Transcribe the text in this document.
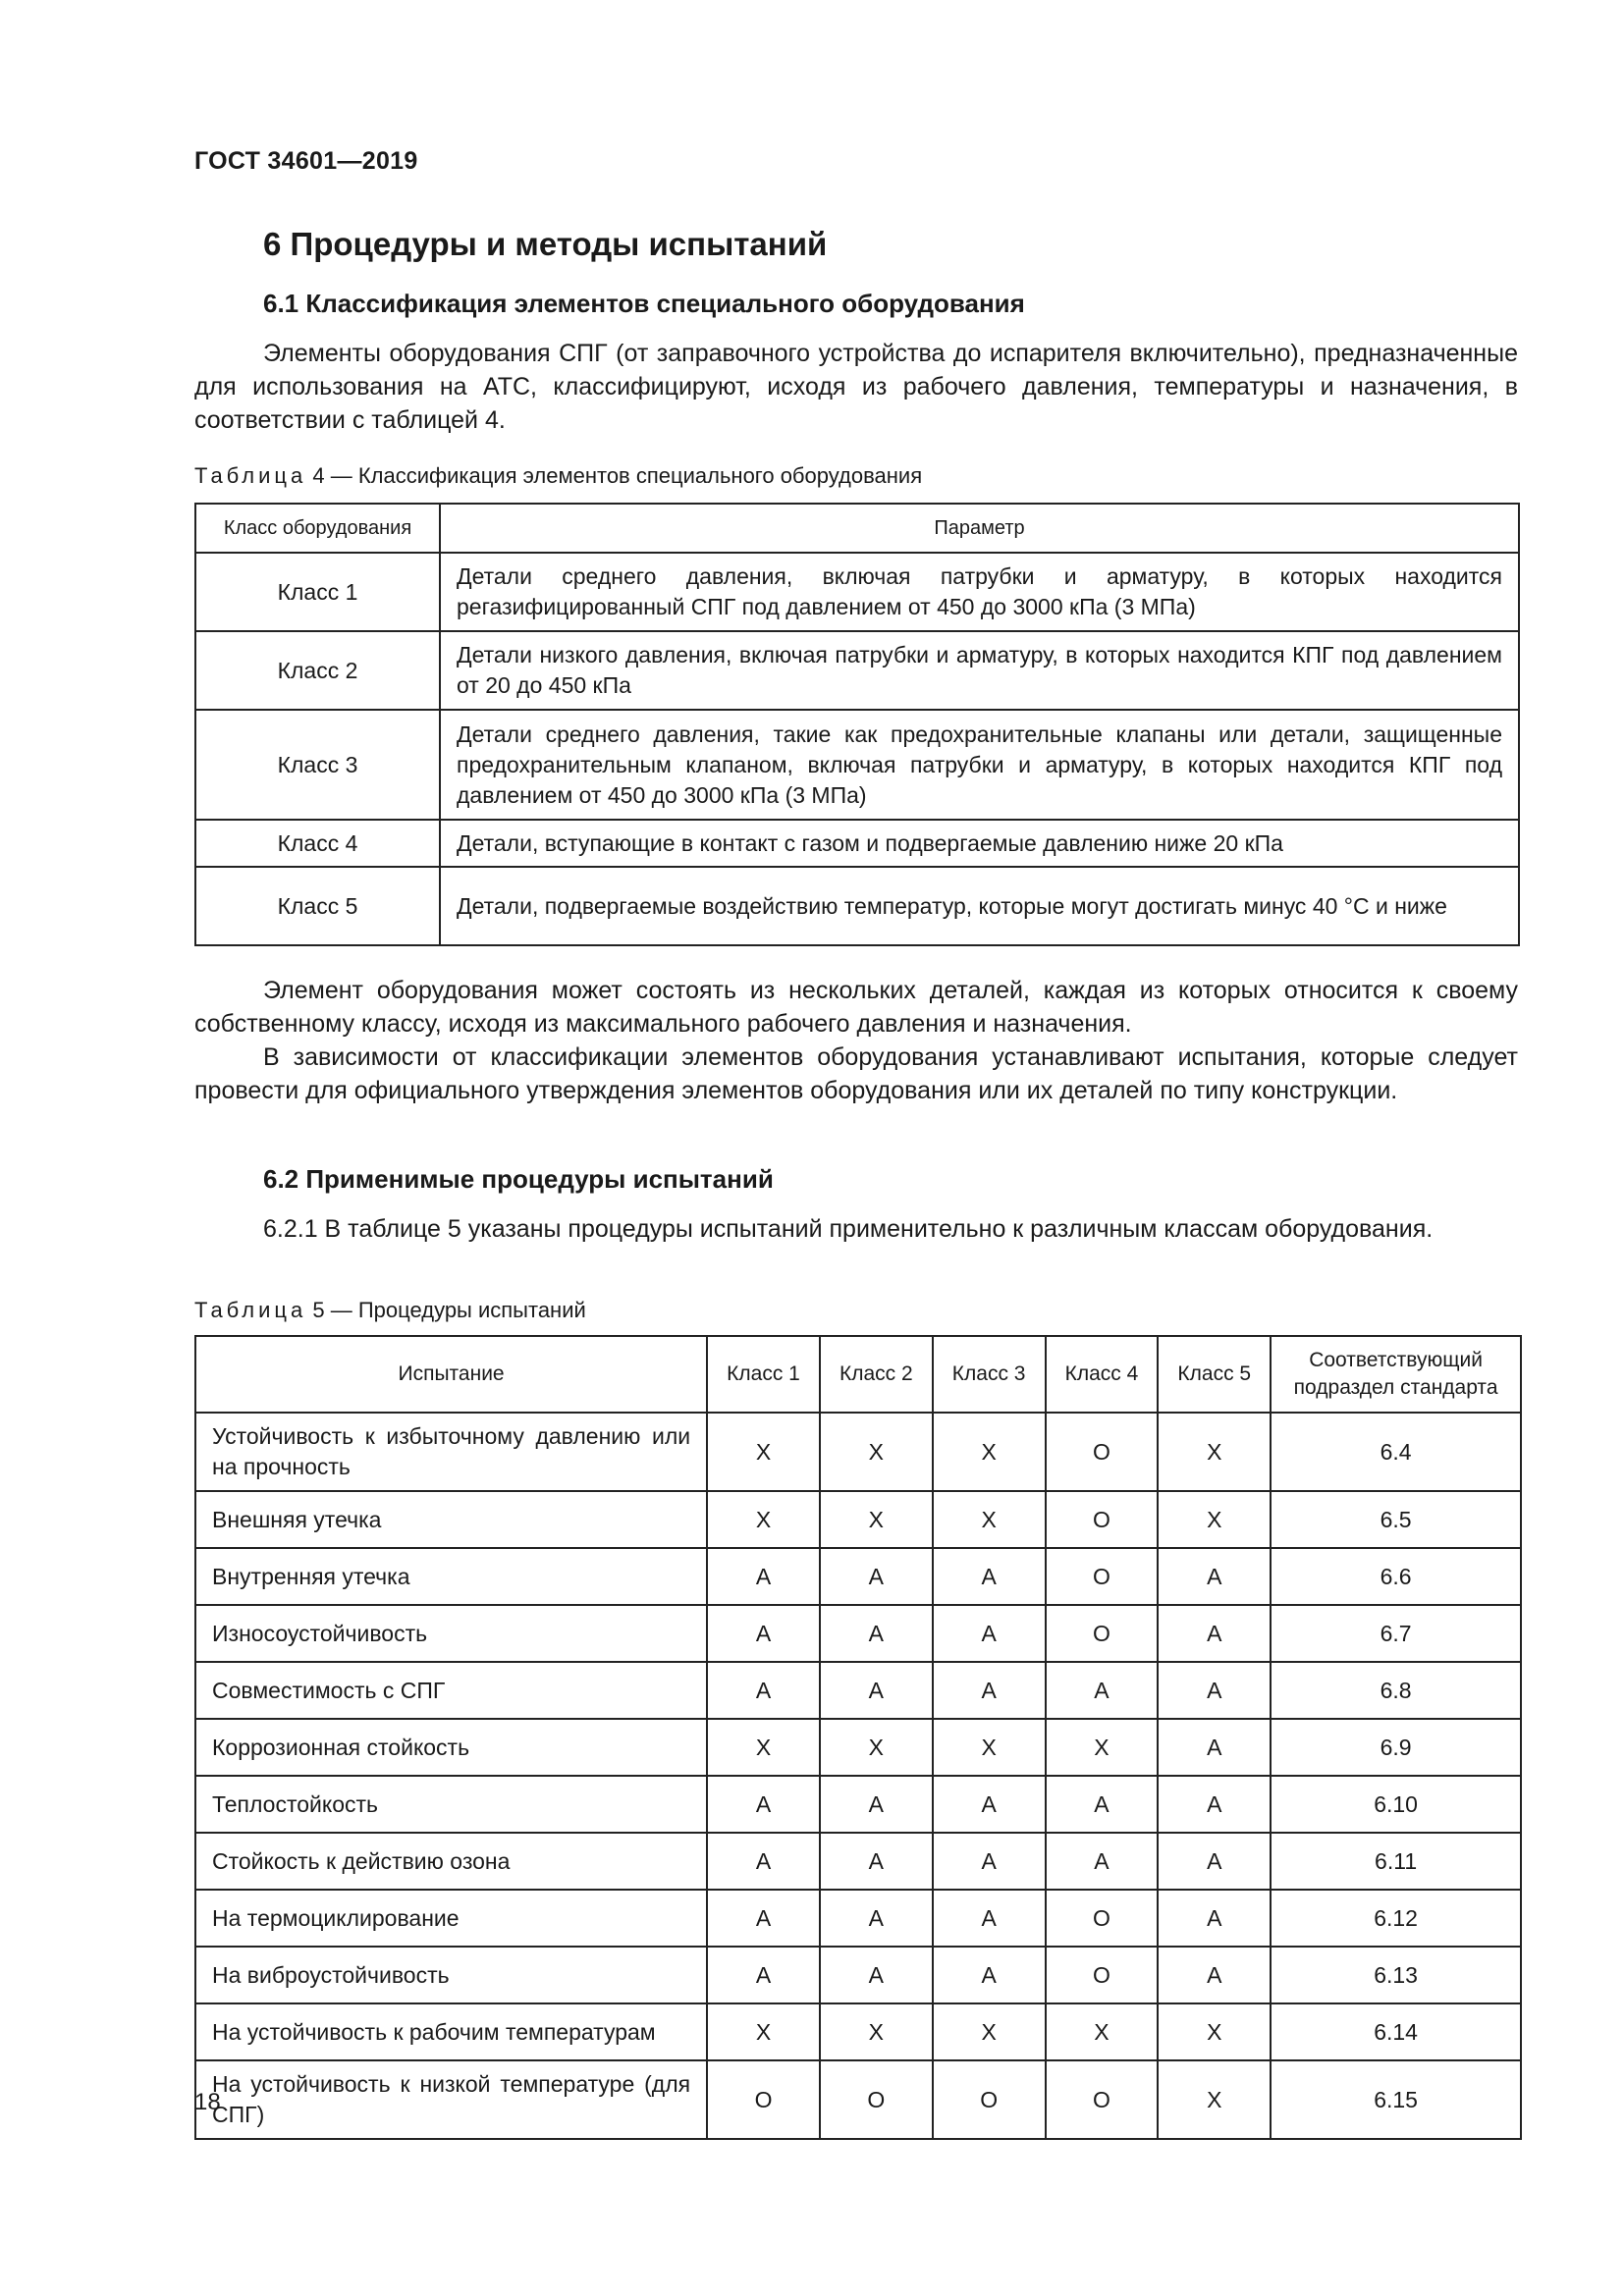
ГОСТ 34601—2019
6 Процедуры и методы испытаний
6.1 Классификация элементов специального оборудования
Элементы оборудования СПГ (от заправочного устройства до испарителя включительно), предназначенные для использования на АТС, классифицируют, исходя из рабочего давления, температуры и назначения, в соответствии с таблицей 4.
Таблица 4 — Классификация элементов специального оборудования
Класс оборудования	Параметр
Класс 1	Детали среднего давления, включая патрубки и арматуру, в которых находится регазифицированный СПГ под давлением от 450 до 3000 кПа (3 МПа)
Класс 2	Детали низкого давления, включая патрубки и арматуру, в которых находится КПГ под давлением от 20 до 450 кПа
Класс 3	Детали среднего давления, такие как предохранительные клапаны или детали, защищенные предохранительным клапаном, включая патрубки и арматуру, в которых находится КПГ под давлением от 450 до 3000 кПа (3 МПа)
Класс 4	Детали, вступающие в контакт с газом и подвергаемые давлению ниже 20 кПа
Класс 5	Детали, подвергаемые воздействию температур, которые могут достигать минус 40 °С и ниже
Элемент оборудования может состоять из нескольких деталей, каждая из которых относится к своему собственному классу, исходя из максимального рабочего давления и назначения.
В зависимости от классификации элементов оборудования устанавливают испытания, которые следует провести для официального утверждения элементов оборудования или их деталей по типу конструкции.
6.2 Применимые процедуры испытаний
6.2.1 В таблице 5 указаны процедуры испытаний применительно к различным классам оборудования.
Таблица 5 — Процедуры испытаний
Испытание	Класс 1	Класс 2	Класс 3	Класс 4	Класс 5	Соответствующий подраздел стандарта
Устойчивость к избыточному давлению или на прочность	X	X	X	O	X	6.4
Внешняя утечка	X	X	X	O	X	6.5
Внутренняя утечка	A	A	A	O	A	6.6
Износоустойчивость	A	A	A	O	A	6.7
Совместимость с СПГ	A	A	A	A	A	6.8
Коррозионная стойкость	X	X	X	X	A	6.9
Теплостойкость	A	A	A	A	A	6.10
Стойкость к действию озона	A	A	A	A	A	6.11
На термоциклирование	A	A	A	O	A	6.12
На виброустойчивость	A	A	A	O	A	6.13
На устойчивость к рабочим температурам	X	X	X	X	X	6.14
На устойчивость к низкой температуре (для СПГ)	O	O	O	O	X	6.15
18
